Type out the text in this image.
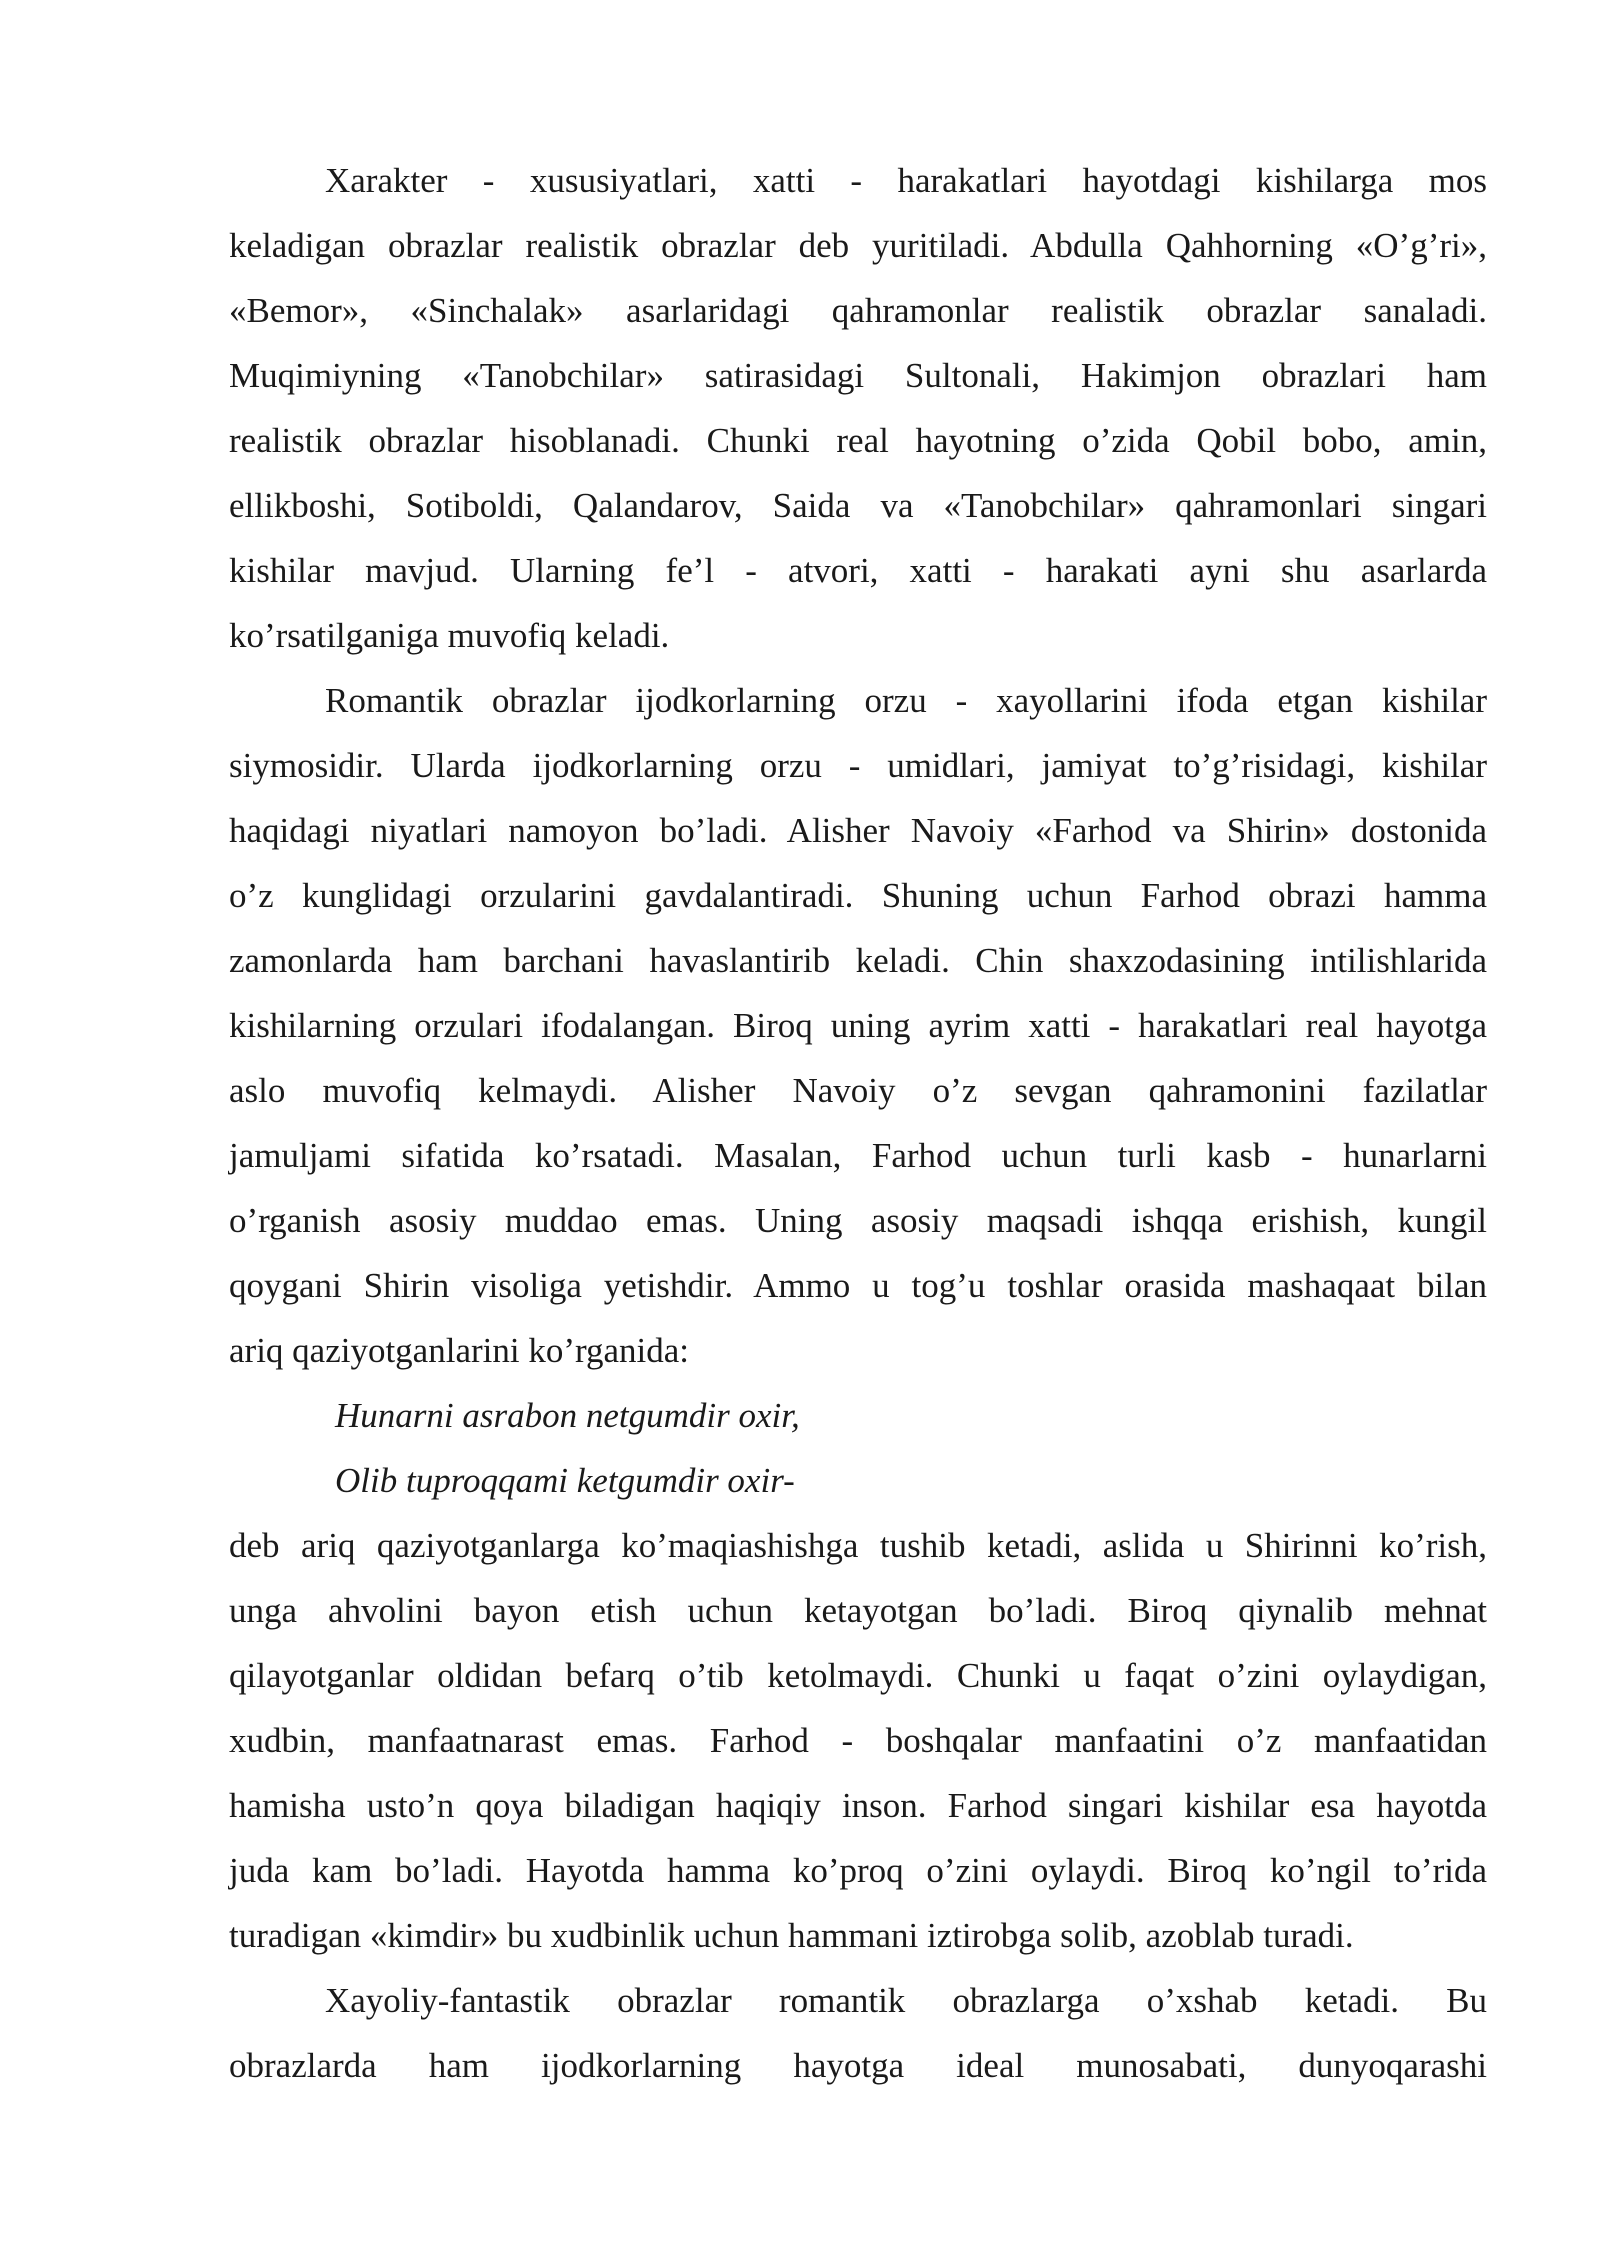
Xarakter - xususiyatlari, xatti - harakatlari hayotdagi kishilarga mos
keladigan obrazlar realistik obrazlar deb yuritiladi. Abdulla Qahhorning «O’g’ri»,
«Bemor», «Sinchalak» asarlaridagi qahramonlar realistik obrazlar sanaladi.
Muqimiyning «Tanobchilar» satirasidagi Sultonali, Hakimjon obrazlari ham
realistik obrazlar hisoblanadi. Chunki real hayotning o’zida Qobil bobo, amin,
ellikboshi, Sotiboldi, Qalandarov, Saida va «Tanobchilar» qahramonlari singari
kishilar mavjud. Ularning fe’l - atvori, xatti - harakati ayni shu asarlarda
ko’rsatilganiga muvofiq keladi.
Romantik obrazlar ijodkorlarning orzu - xayollarini ifoda etgan kishilar
siymosidir. Ularda ijodkorlarning orzu - umidlari, jamiyat to’g’risidagi, kishilar
haqidagi niyatlari namoyon bo’ladi. Alisher Navoiy «Farhod va Shirin» dostonida
o’z kunglidagi orzularini gavdalantiradi. Shuning uchun Farhod obrazi hamma
zamonlarda ham barchani havaslantirib keladi. Chin shaxzodasining intilishlarida
kishilarning orzulari ifodalangan. Biroq uning ayrim xatti - harakatlari real hayotga
aslo muvofiq kelmaydi. Alisher Navoiy o’z sevgan qahramonini fazilatlar
jamuljami sifatida ko’rsatadi. Masalan, Farhod uchun turli kasb - hunarlarni
o’rganish asosiy muddao emas. Uning asosiy maqsadi ishqqa erishish, kungil
qoygani Shirin visoliga yetishdir. Ammo u tog’u toshlar orasida mashaqaat bilan
ariq qaziyotganlarini ko’rganida:
Hunarni asrabon netgumdir oxir,
Olib tuproqqami ketgumdir oxir-
deb ariq qaziyotganlarga ko’maqiashishga tushib ketadi, aslida u Shirinni ko’rish,
unga ahvolini bayon etish uchun ketayotgan bo’ladi. Biroq qiynalib mehnat
qilayotganlar oldidan befarq o’tib ketolmaydi. Chunki u faqat o’zini oylaydigan,
xudbin, manfaatnarast emas. Farhod - boshqalar manfaatini o’z manfaatidan
hamisha usto’n qoya biladigan haqiqiy inson. Farhod singari kishilar esa hayotda
juda kam bo’ladi. Hayotda hamma ko’proq o’zini oylaydi. Biroq ko’ngil to’rida
turadigan «kimdir» bu xudbinlik uchun hammani iztirobga solib, azoblab turadi.
Xayoliy-fantastik obrazlar romantik obrazlarga o’xshab ketadi. Bu
obrazlarda ham ijodkorlarning hayotga ideal munosabati, dunyoqarashi
